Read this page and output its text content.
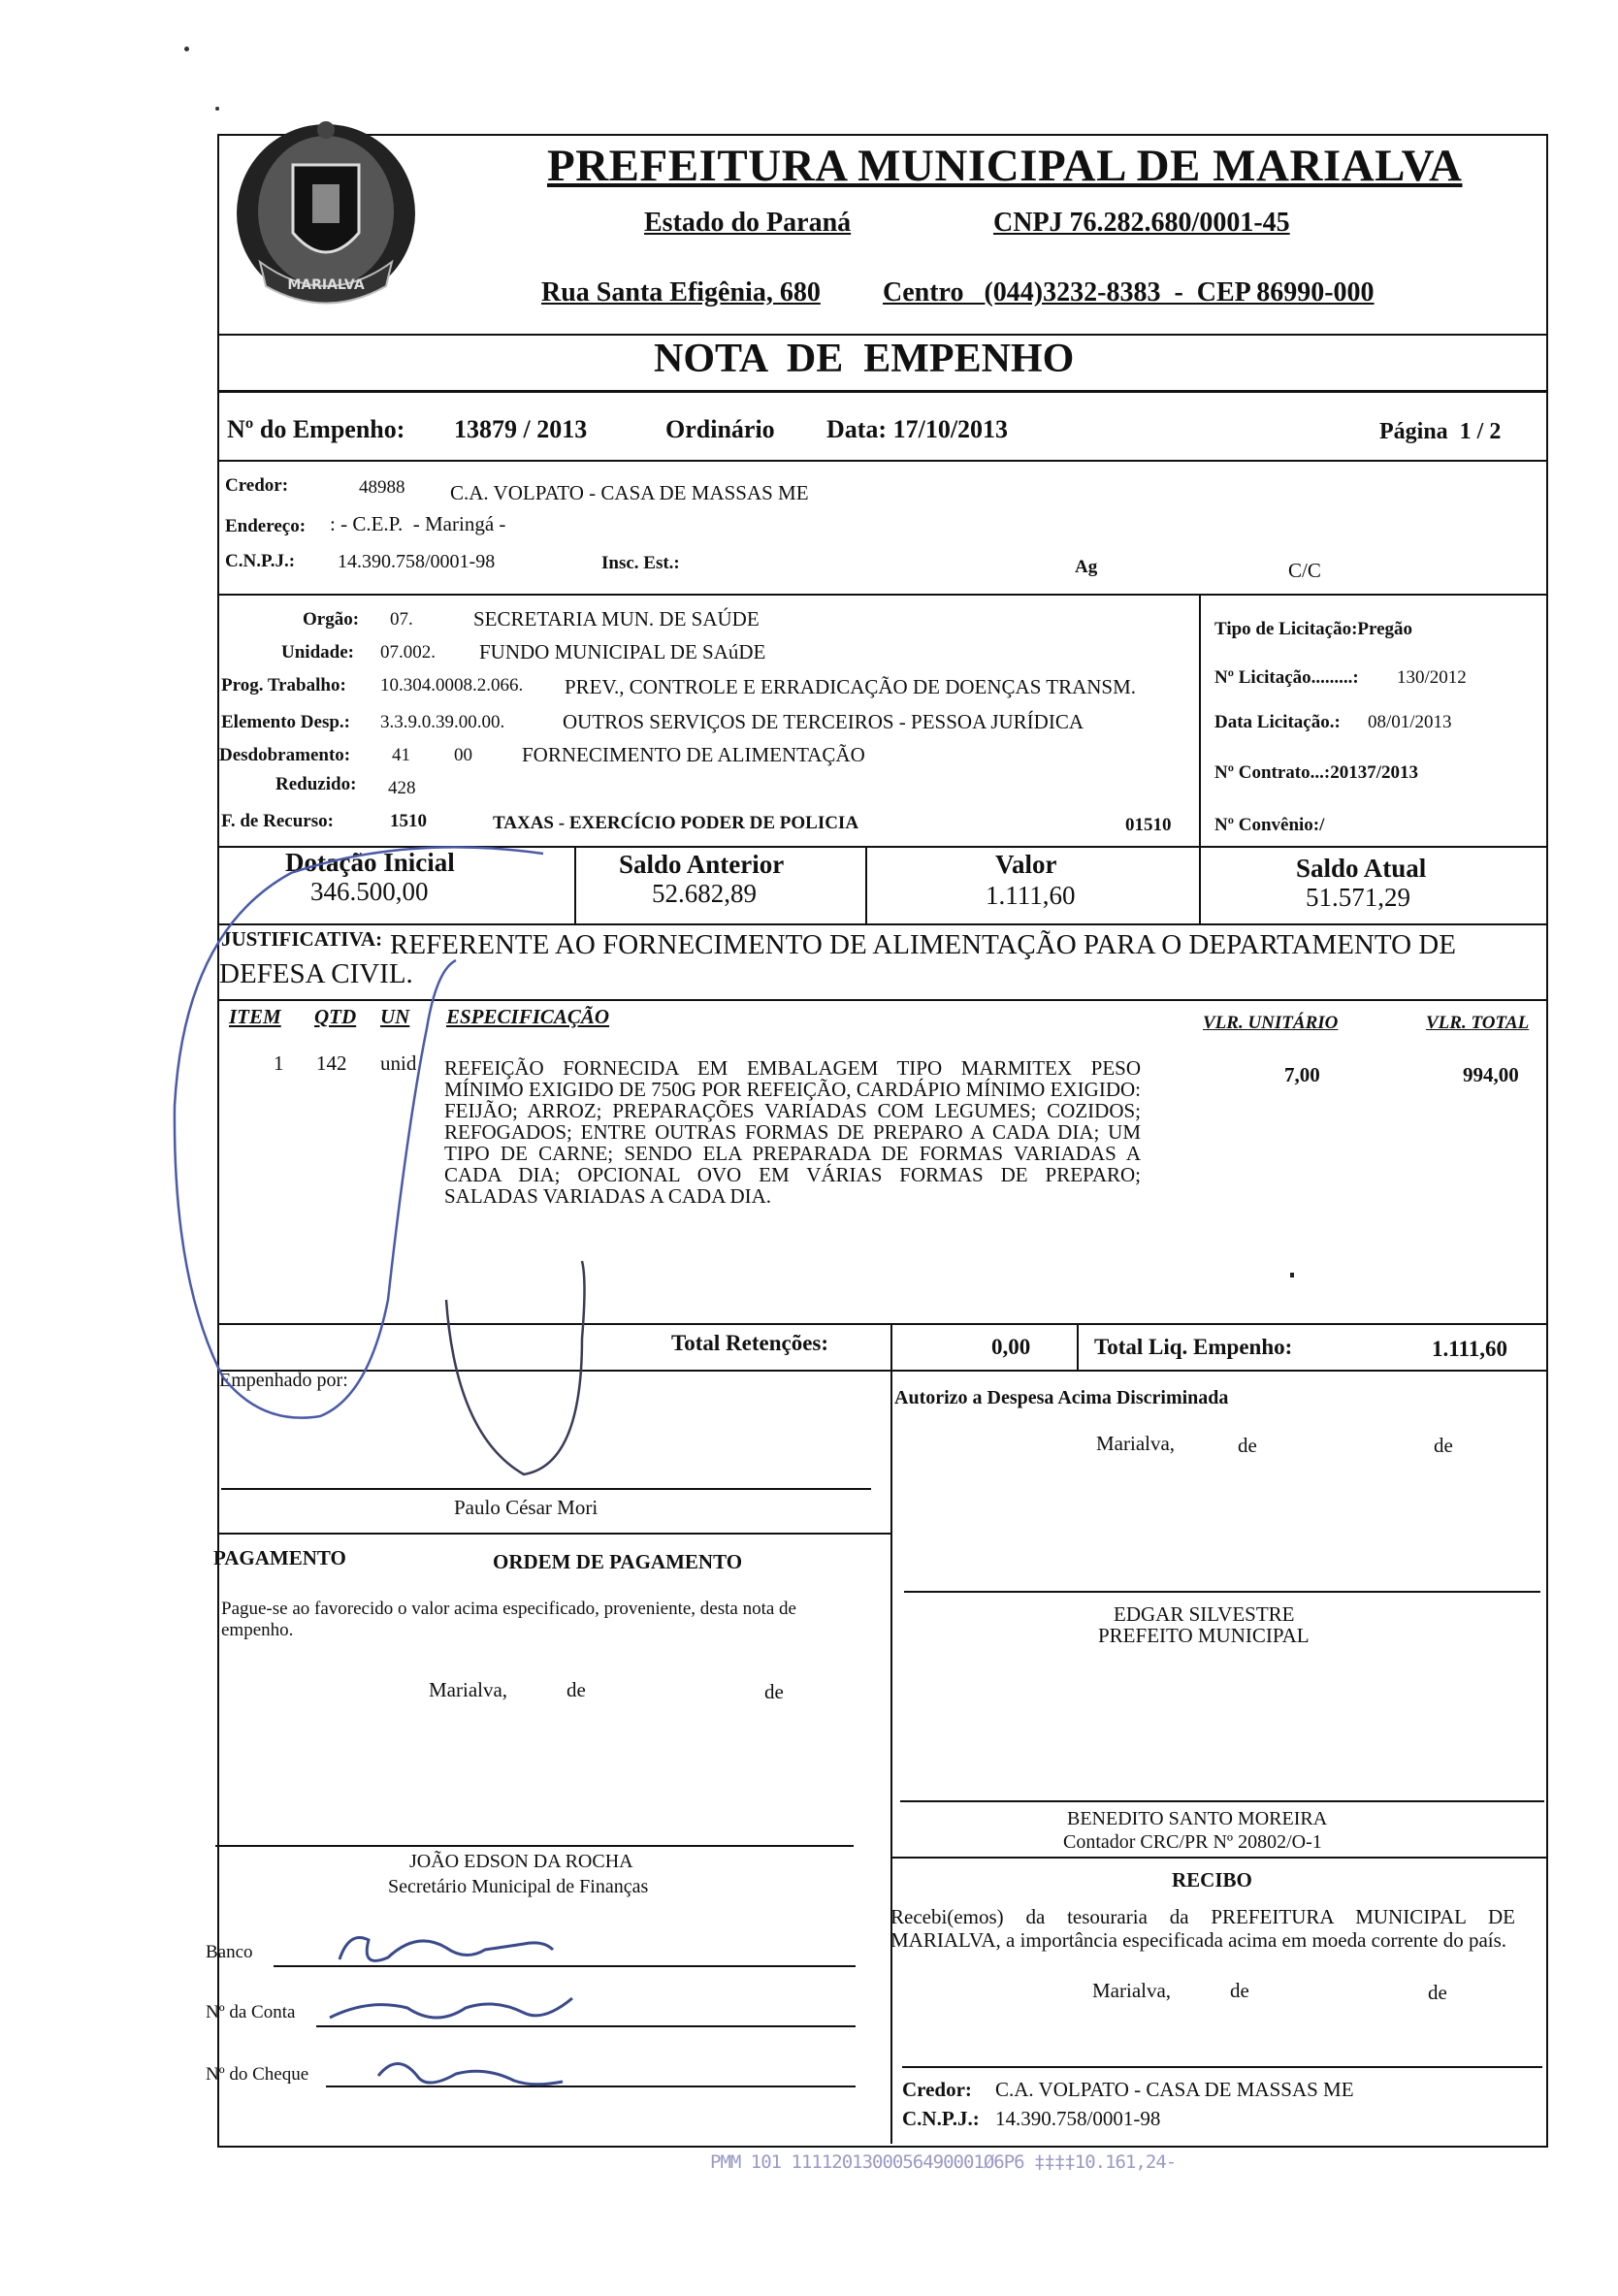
MARIALVA
PREFEITURA MUNICIPAL DE MARIALVA
Estado do Paraná	CNPJ 76.282.680/0001-45
Rua Santa Efigênia, 680 Centro   (044)3232-8383  -  CEP 86990-000
NOTA  DE  EMPENHO
Nº do Empenho: 13879 / 2013	Ordinário Data: 17/10/2013	Página  1 / 2
Credor:	48988 C.A. VOLPATO - CASA DE MASSAS ME
Endereço: : - C.E.P.  - Maringá -
C.N.P.J.: 14.390.758/0001-98	Insc. Est.:	Ag	C/C
Orgão: 07.	SECRETARIA MUN. DE SAÚDE
Unidade: 07.002. FUNDO MUNICIPAL DE SAúDE
Prog. Trabalho: 10.304.0008.2.066. PREV., CONTROLE E ERRADICAÇÃO DE DOENÇAS TRANSM.
Elemento Desp.: 3.3.9.0.39.00.00.	OUTROS SERVIÇOS DE TERCEIROS - PESSOA JURÍDICA
Desdobramento: 41 00 FORNECIMENTO DE ALIMENTAÇÃO
Reduzido: 428
F. de Recurso:	1510	TAXAS - EXERCÍCIO PODER DE POLICIA	01510
Tipo de Licitação:Pregão
Nº Licitação.........: 130/2012
Data Licitação.: 08/01/2013
Nº Contrato...:20137/2013
Nº Convênio:/
Dotação Inicial
346.500,00
Saldo Anterior
52.682,89
Valor
1.111,60
Saldo Atual
51.571,29
JUSTIFICATIVA: REFERENTE AO FORNECIMENTO DE ALIMENTAÇÃO PARA O DEPARTAMENTO DE
DEFESA CIVIL.
ITEM QTD UN ESPECIFICAÇÃO	VLR. UNITÁRIO	VLR. TOTAL
1 142 unid REFEIÇÃO FORNECIDA EM EMBALAGEM TIPO MARMITEX PESO MÍNIMO EXIGIDO DE 750G POR REFEIÇÃO, CARDÁPIO MÍNIMO EXIGIDO: FEIJÃO; ARROZ; PREPARAÇÕES VARIADAS COM LEGUMES; COZIDOS; REFOGADOS; ENTRE OUTRAS FORMAS DE PREPARO A CADA DIA; UM TIPO DE CARNE; SENDO ELA PREPARADA DE FORMAS VARIADAS A CADA DIA; OPCIONAL OVO EM VÁRIAS FORMAS DE PREPARO; SALADAS VARIADAS A CADA DIA.
7,00	994,00
Total Retenções:	0,00	Total Liq. Empenho:	1.111,60
Empenhado por:
Paulo César Mori
Autorizo a Despesa Acima Discriminada
Marialva,	de	de
PAGAMENTO	ORDEM DE PAGAMENTO
Pague-se ao favorecido o valor acima especificado, proveniente, desta nota de empenho.
Marialva,	de	de
JOÃO EDSON DA ROCHA
Secretário Municipal de Finanças
Banco
Nº da Conta
Nº do Cheque
EDGAR SILVESTRE
PREFEITO MUNICIPAL
BENEDITO SANTO MOREIRA
Contador CRC/PR Nº 20802/O-1
RECIBO
Recebi(emos) da tesouraria da PREFEITURA MUNICIPAL DE MARIALVA, a importância especificada acima em moeda corrente do país.
Marialva,	de	de
Credor: C.A. VOLPATO - CASA DE MASSAS ME
C.N.P.J.: 14.390.758/0001-98
PMM 101 1111201300056490001Ø6P6 ‡‡‡‡10.161,24-
